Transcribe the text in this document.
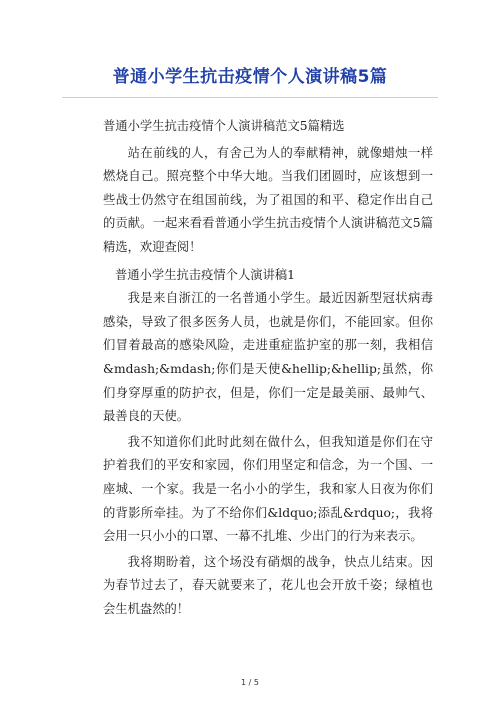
普通小学生抗击疫情个人演讲稿5篇

普通小学生抗击疫情个人演讲稿范文5篇精选

站在前线的人，有舍己为人的奉献精神，就像蜡烛一样燃烧自己。照亮整个中华大地。当我们团圆时，应该想到一些战士仍然守在组国前线，为了祖国的和平、稳定作出自己的贡献。一起来看看普通小学生抗击疫情个人演讲稿范文5篇精选，欢迎查阅！

普通小学生抗击疫情个人演讲稿1

我是来自浙江的一名普通小学生。最近因新型冠状病毒感染，导致了很多医务人员，也就是你们，不能回家。但你们冒着最高的感染风险，走进重症监护室的那一刻，我相信&mdash;&mdash;你们是天使&hellip;&hellip;虽然，你们身穿厚重的防护衣，但是，你们一定是最美丽、最帅气、最善良的天使。

我不知道你们此时此刻在做什么，但我知道是你们在守护着我们的平安和家园，你们用坚定和信念，为一个国、一座城、一个家。我是一名小小的学生，我和家人日夜为你们的背影所牵挂。为了不给你们&ldquo;添乱&rdquo;，我将会用一只小小的口罩、一幕不扎堆、少出门的行为来表示。

我将期盼着，这个场没有硝烟的战争，快点儿结束。因为春节过去了，春天就要来了，花儿也会开放千姿；绿植也会生机盎然的！

1 / 5
